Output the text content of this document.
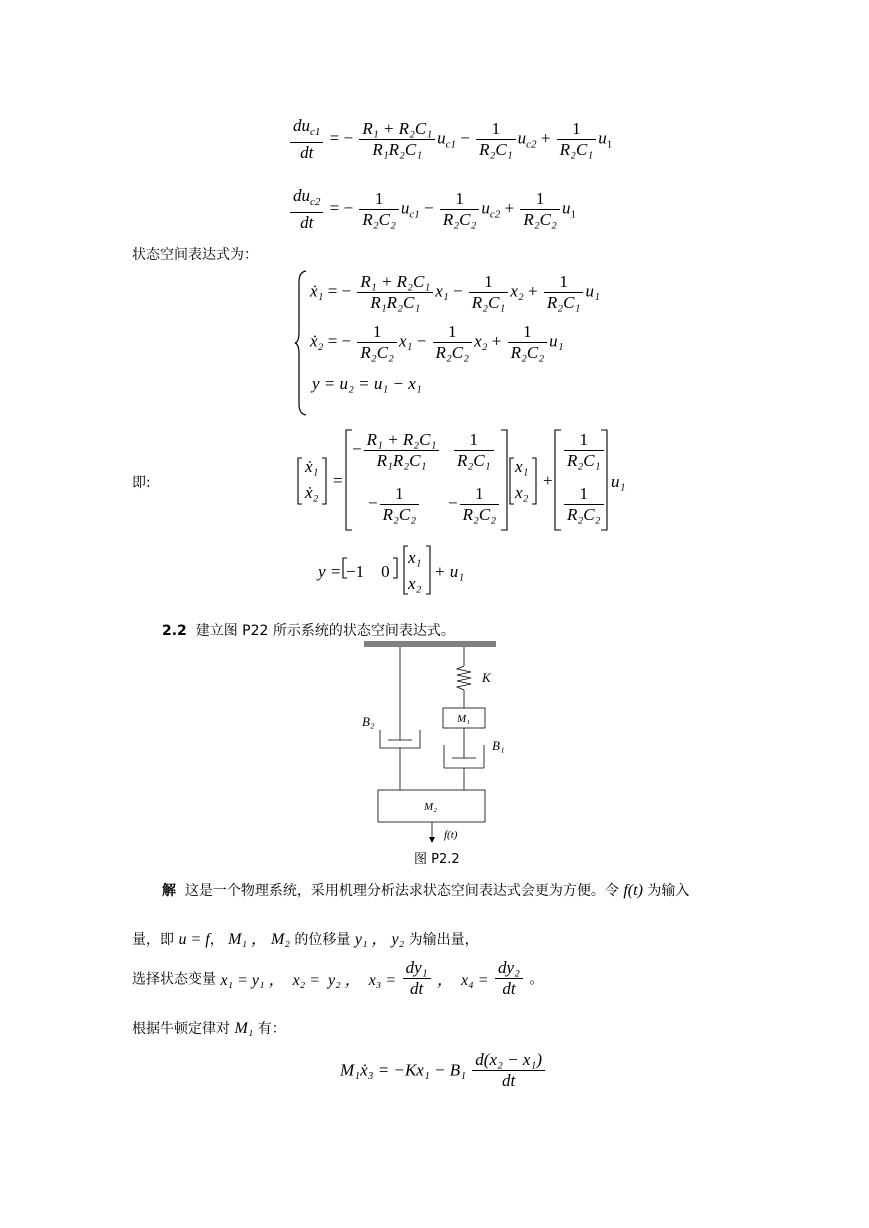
$\frac{du_{c1}}{dt}$ = − $\frac{\text{R₁ + R₂C₁}}{\text{R₁R₂C₁}} u_{c1} - \frac{1}{\text{R₂C₁}} u_{c2} + \frac{1}{\text{R₂C₁}} u_1$
$\frac{du_{c2}}{dt}$ = − $\frac{1}{\text{R₂C₂}} u_{c1} - \frac{1}{\text{R₂C₂}} u_{c2} + \frac{1}{\text{R₂C₂}} u_1$
状态空间表达式为：
ẋ₁ = − $\frac{\text{R₁ + R₂C₁}}{\text{R₁R₂C₁}} x_1 - \frac{1}{\text{R₂C₁}} x_2 + \frac{1}{\text{R₂C₁}} u_1$
ẋ₂ = − $\frac{1}{\text{R₂C₂}} x_1 - \frac{1}{\text{R₂C₂}} x_2 + \frac{1}{\text{R₂C₂}} u_1$
y = u₂ = u₁ − x₁
即:
ẋ₁
ẋ₂
=
− $\frac{\text{R₁ + R₂C₁}}{\text{R₁R₂C₁}} \frac{1}{\text{R₂C₁}}$
− $\frac{1}{\text{R₂C₂}} - \frac{1}{\text{R₂C₂}}$
x₁
x₂
+
$\frac{1}{\text{R₂C₁}}$
$\frac{1}{\text{R₂C₂}}$
u₁
y = −1    0
x₁
x₂
+ u₁
2.2 建立图 P22 所示系统的状态空间表达式。
K
M₁
B₁
B₂
M₂
f(t)
图 P2.2
解 这是一个物理系统，采用机理分析法求状态空间表达式会更为方便。令 f(t) 为输入
量，即 u = f， M₁ ， M₂ 的位移量 y₁ ， y₂ 为输出量，
选择状态变量 x₁ = y₁ ，  x₂ =  y₂ ，  $x_3 = \frac{\text{dy₁}}{dt}$ ，  $x_4 = \frac{\text{dy₂}}{dt}$ 。
根据牛顿定律对 M₁ 有：
M₁ẋ₃ = $-Kx_1 - B_1 \frac{\text{d(x₂ − x₁)}}{dt}$
